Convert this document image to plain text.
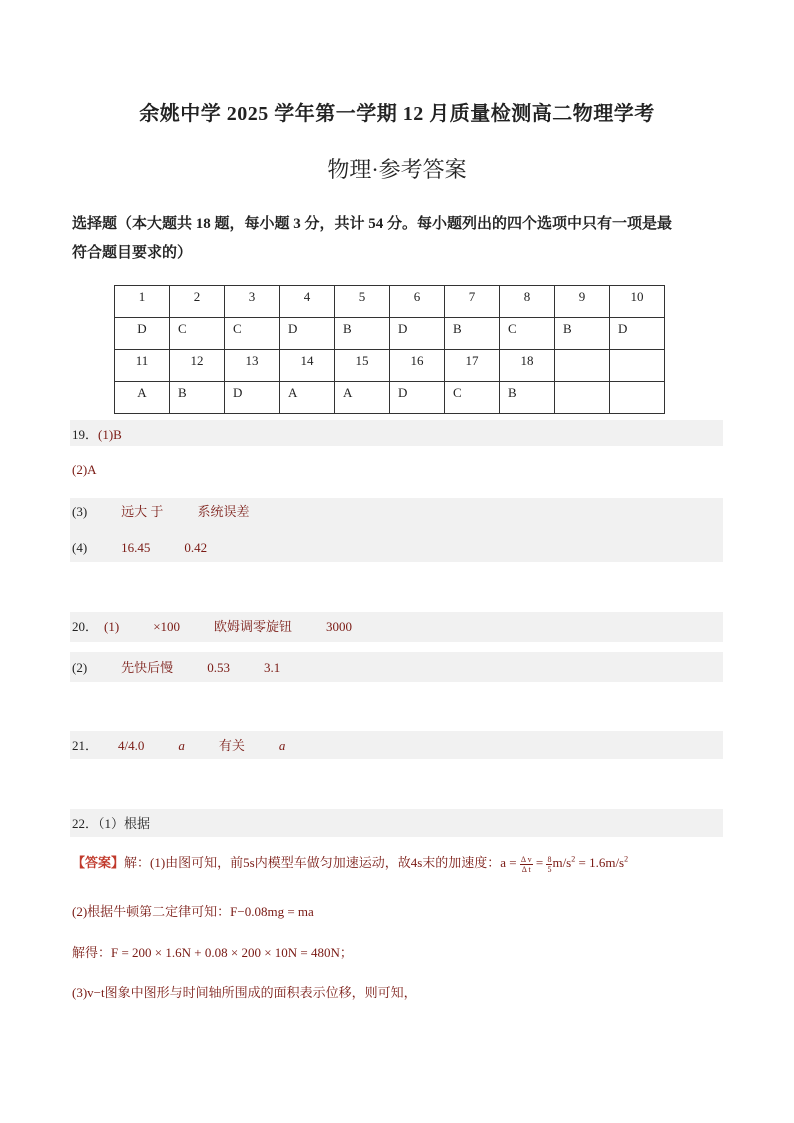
余姚中学 2025 学年第一学期 12 月质量检测高二物理学考
物理·参考答案
选择题（本大题共 18 题，每小题 3 分，共计 54 分。每小题列出的四个选项中只有一项是最
符合题目要求的）
1	2	3	4	5	6	7	8	9	10
D	C	C	D	B	D	B	C	B	D
11	12	13	14	15	16	17	18		
A	B	D	A	A	D	C	B		
19．(1)B
(2)A
(3)	远大 于	系统误差
(4)	16.45	0.42
20． (1)	×100	欧姆调零旋钮	3000
(2)	先快后慢	0.53	3.1
21． 4/4.0	a	有关	a
22．（1）根据
【答案】解：(1)由图可知，前5s内模型车做匀加速运动，故4s末的加速度：$a = \frac{\text{Δ v}}{\text{Δ t}} = \frac{8}{5} m/s^2 = 1.6m/s^2$
(2)根据牛顿第二定律可知：F−0.08mg = ma
解得：F = 200 × 1.6N + 0.08 × 200 × 10N = 480N；
(3)v−t图象中图形与时间轴所围成的面积表示位移，则可知，
